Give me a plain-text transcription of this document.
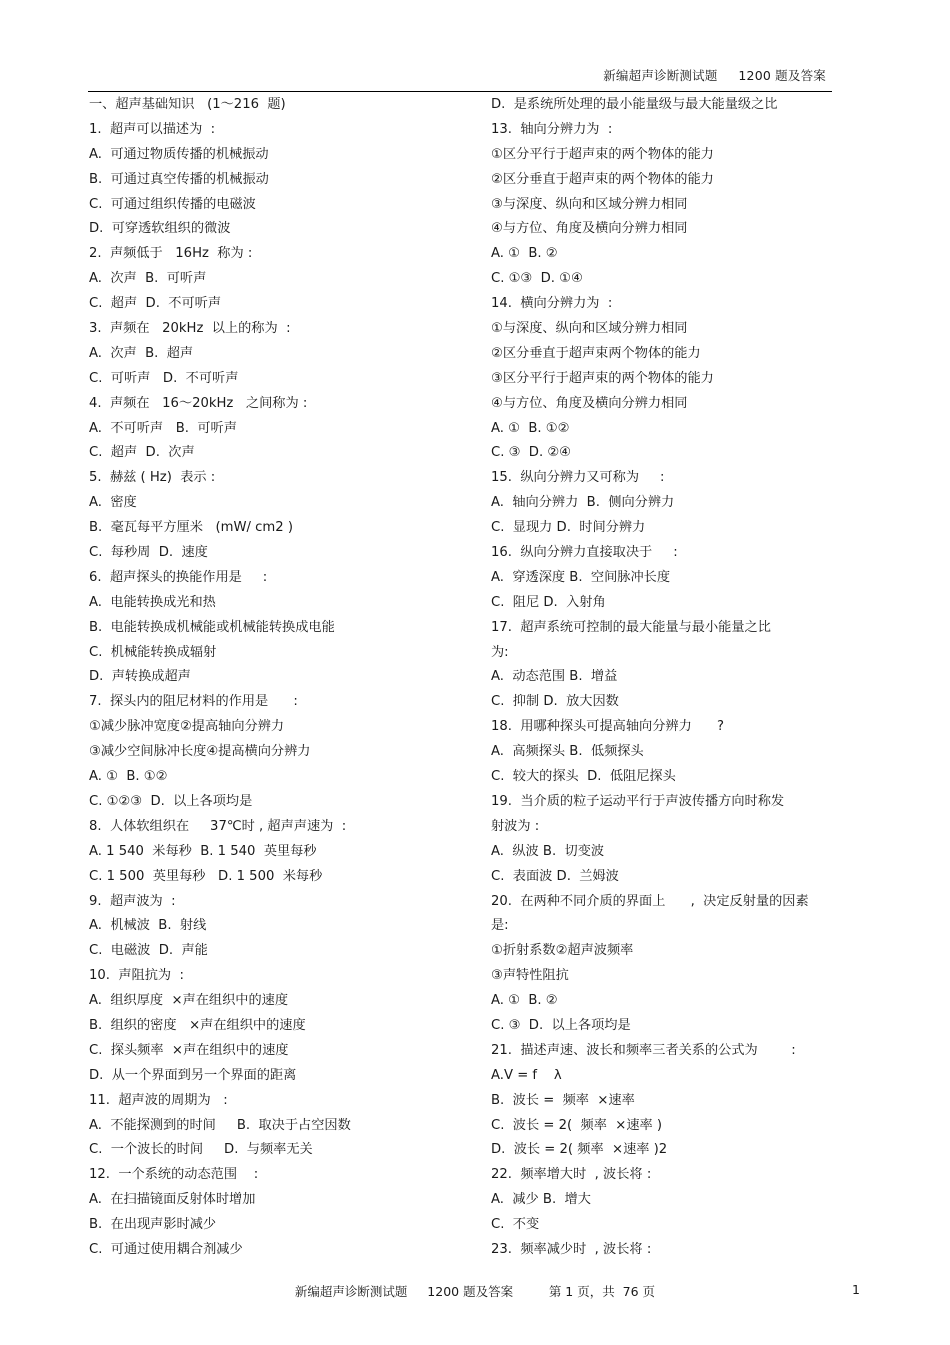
新编超声诊断测试题     1200 题及答案
一、超声基础知识   (1～216  题)
1.  超声可以描述为  :
A.  可通过物质传播的机械振动
B.  可通过真空传播的机械振动
C.  可通过组织传播的电磁波
D.  可穿透软组织的微波
2.  声频低于   16Hz  称为 :
A.  次声  B.  可听声
C.  超声  D.  不可听声
3.  声频在   20kHz  以上的称为  :
A.  次声  B.  超声
C.  可听声   D.  不可听声
4.  声频在   16～20kHz   之间称为 :
A.  不可听声   B.  可听声
C.  超声  D.  次声
5.  赫兹 ( Hz)  表示 :
A.  密度
B.  毫瓦每平方厘米   (mW/ cm2 )
C.  每秒周  D.  速度
6.  超声探头的换能作用是     :
A.  电能转换成光和热
B.  电能转换成机械能或机械能转换成电能
C.  机械能转换成辐射
D.  声转换成超声
7.  探头内的阻尼材料的作用是      :
①减少脉冲宽度②提高轴向分辨力
③减少空间脉冲长度④提高横向分辨力
A. ①  B. ①②
C. ①②③  D.  以上各项均是
8.  人体软组织在     37℃时 , 超声声速为  :
A. 1 540  米每秒  B. 1 540  英里每秒
C. 1 500  英里每秒   D. 1 500  米每秒
9.  超声波为  :
A.  机械波  B.  射线
C.  电磁波  D.  声能
10.  声阻抗为  :
A.  组织厚度  ×声在组织中的速度
B.  组织的密度   ×声在组织中的速度
C.  探头频率  ×声在组织中的速度
D.  从一个界面到另一个界面的距离
11.  超声波的周期为   :
A.  不能探测到的时间     B.  取决于占空因数
C.  一个波长的时间     D.  与频率无关
12.  一个系统的动态范围    :
A.  在扫描镜面反射体时增加
B.  在出现声影时减少
C.  可通过使用耦合剂减少
D.  是系统所处理的最小能量级与最大能量级之比
13.  轴向分辨力为  :
①区分平行于超声束的两个物体的能力
②区分垂直于超声束的两个物体的能力
③与深度、纵向和区域分辨力相同
④与方位、角度及横向分辨力相同
A. ①  B. ②
C. ①③  D. ①④
14.  横向分辨力为  :
①与深度、纵向和区域分辨力相同
②区分垂直于超声束两个物体的能力
③区分平行于超声束的两个物体的能力
④与方位、角度及横向分辨力相同
A. ①  B. ①②
C. ③  D. ②④
15.  纵向分辨力又可称为     :
A.  轴向分辨力  B.  侧向分辨力
C.  显现力 D.  时间分辨力
16.  纵向分辨力直接取决于     :
A.  穿透深度 B.  空间脉冲长度
C.  阻尼 D.  入射角
17.  超声系统可控制的最大能量与最小能量之比
为:
A.  动态范围 B.  增益
C.  抑制 D.  放大因数
18.  用哪种探头可提高轴向分辨力      ?
A.  高频探头 B.  低频探头
C.  较大的探头  D.  低阻尼探头
19.  当介质的粒子运动平行于声波传播方向时称发
射波为 :
A.  纵波 B.  切变波
C.  表面波 D.  兰姆波
20.  在两种不同介质的界面上      ,  决定反射量的因素
是:
①折射系数②超声波频率
③声特性阻抗
A. ①  B. ②
C. ③  D.  以上各项均是
21.  描述声速、波长和频率三者关系的公式为        :
A.V = f    λ
B.  波长 =  频率  ×速率
C.  波长 = 2(  频率  ×速率 )
D.  波长 = 2( 频率  ×速率 )2
22.  频率增大时  , 波长将 :
A.  减少 B.  增大
C.  不变
23.  频率减少时  , 波长将 :
新编超声诊断测试题     1200 题及答案         第 1 页，共  76 页	1
